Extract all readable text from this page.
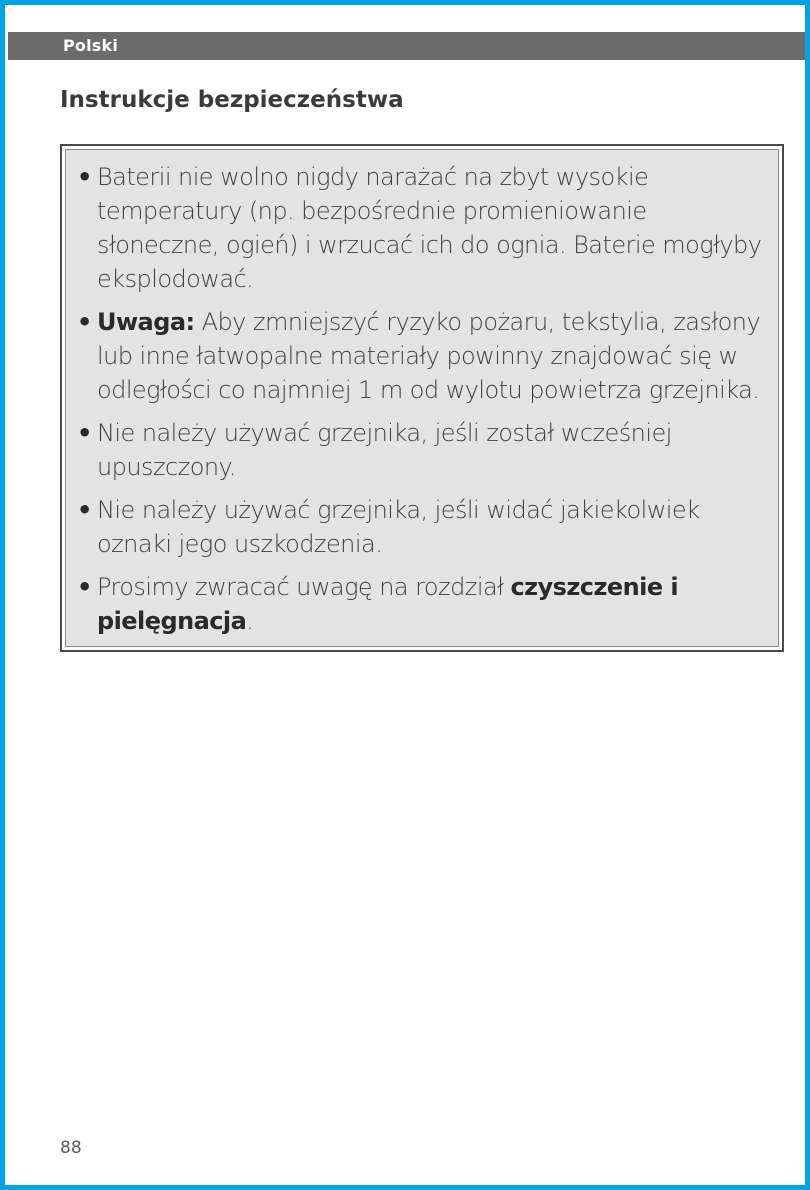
Polski
Instrukcje bezpieczeństwa
• Baterii nie wolno nigdy narażać na zbyt wysokie temperatury (np. bezpośrednie promieniowanie słoneczne, ogień) i wrzucać ich do ognia. Baterie mogłyby eksplodować.
• Uwaga: Aby zmniejszyć ryzyko pożaru, tekstylia, zasłony lub inne łatwopalne materiały powinny znajdować się w odległości co najmniej 1 m od wylotu powietrza grzejnika.
• Nie należy używać grzejnika, jeśli został wcześniej upuszczony.
• Nie należy używać grzejnika, jeśli widać jakiekolwiek oznaki jego uszkodzenia.
• Prosimy zwracać uwagę na rozdział czyszczenie i pielęgnacja.
88
